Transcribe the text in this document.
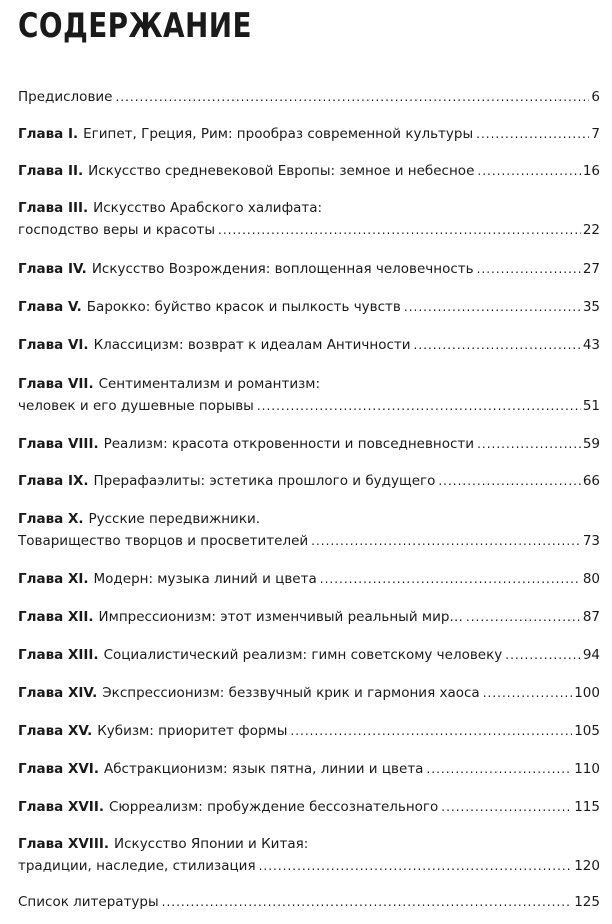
СОДЕРЖАНИЕ
Предисловие .....	6
Глава I. Египет, Греция, Рим: прообраз современной культуры .....	7
Глава II. Искусство средневековой Европы: земное и небесное .....	16
Глава III. Искусство Арабского халифата:
господство веры и красоты .....	22
Глава IV. Искусство Возрождения: воплощенная человечность .....	27
Глава V. Барокко: буйство красок и пылкость чувств .....	35
Глава VI. Классицизм: возврат к идеалам Античности .....	43
Глава VII. Сентиментализм и романтизм:
человек и его душевные порывы .....	51
Глава VIII. Реализм: красота откровенности и повседневности .....	59
Глава IX. Прерафаэлиты: эстетика прошлого и будущего .....	66
Глава X. Русские передвижники.
Товарищество творцов и просветителей .....	73
Глава XI. Модерн: музыка линий и цвета .....	80
Глава XII. Импрессионизм: этот изменчивый реальный мир… .....	87
Глава XIII. Социалистический реализм: гимн советскому человеку .....	94
Глава XIV. Экспрессионизм: беззвучный крик и гармония хаоса .....	100
Глава XV. Кубизм: приоритет формы .....	105
Глава XVI. Абстракционизм: язык пятна, линии и цвета .....	110
Глава XVII. Сюрреализм: пробуждение бессознательного .....	115
Глава XVIII. Искусство Японии и Китая:
традиции, наследие, стилизация .....	120
Список литературы .....	125
